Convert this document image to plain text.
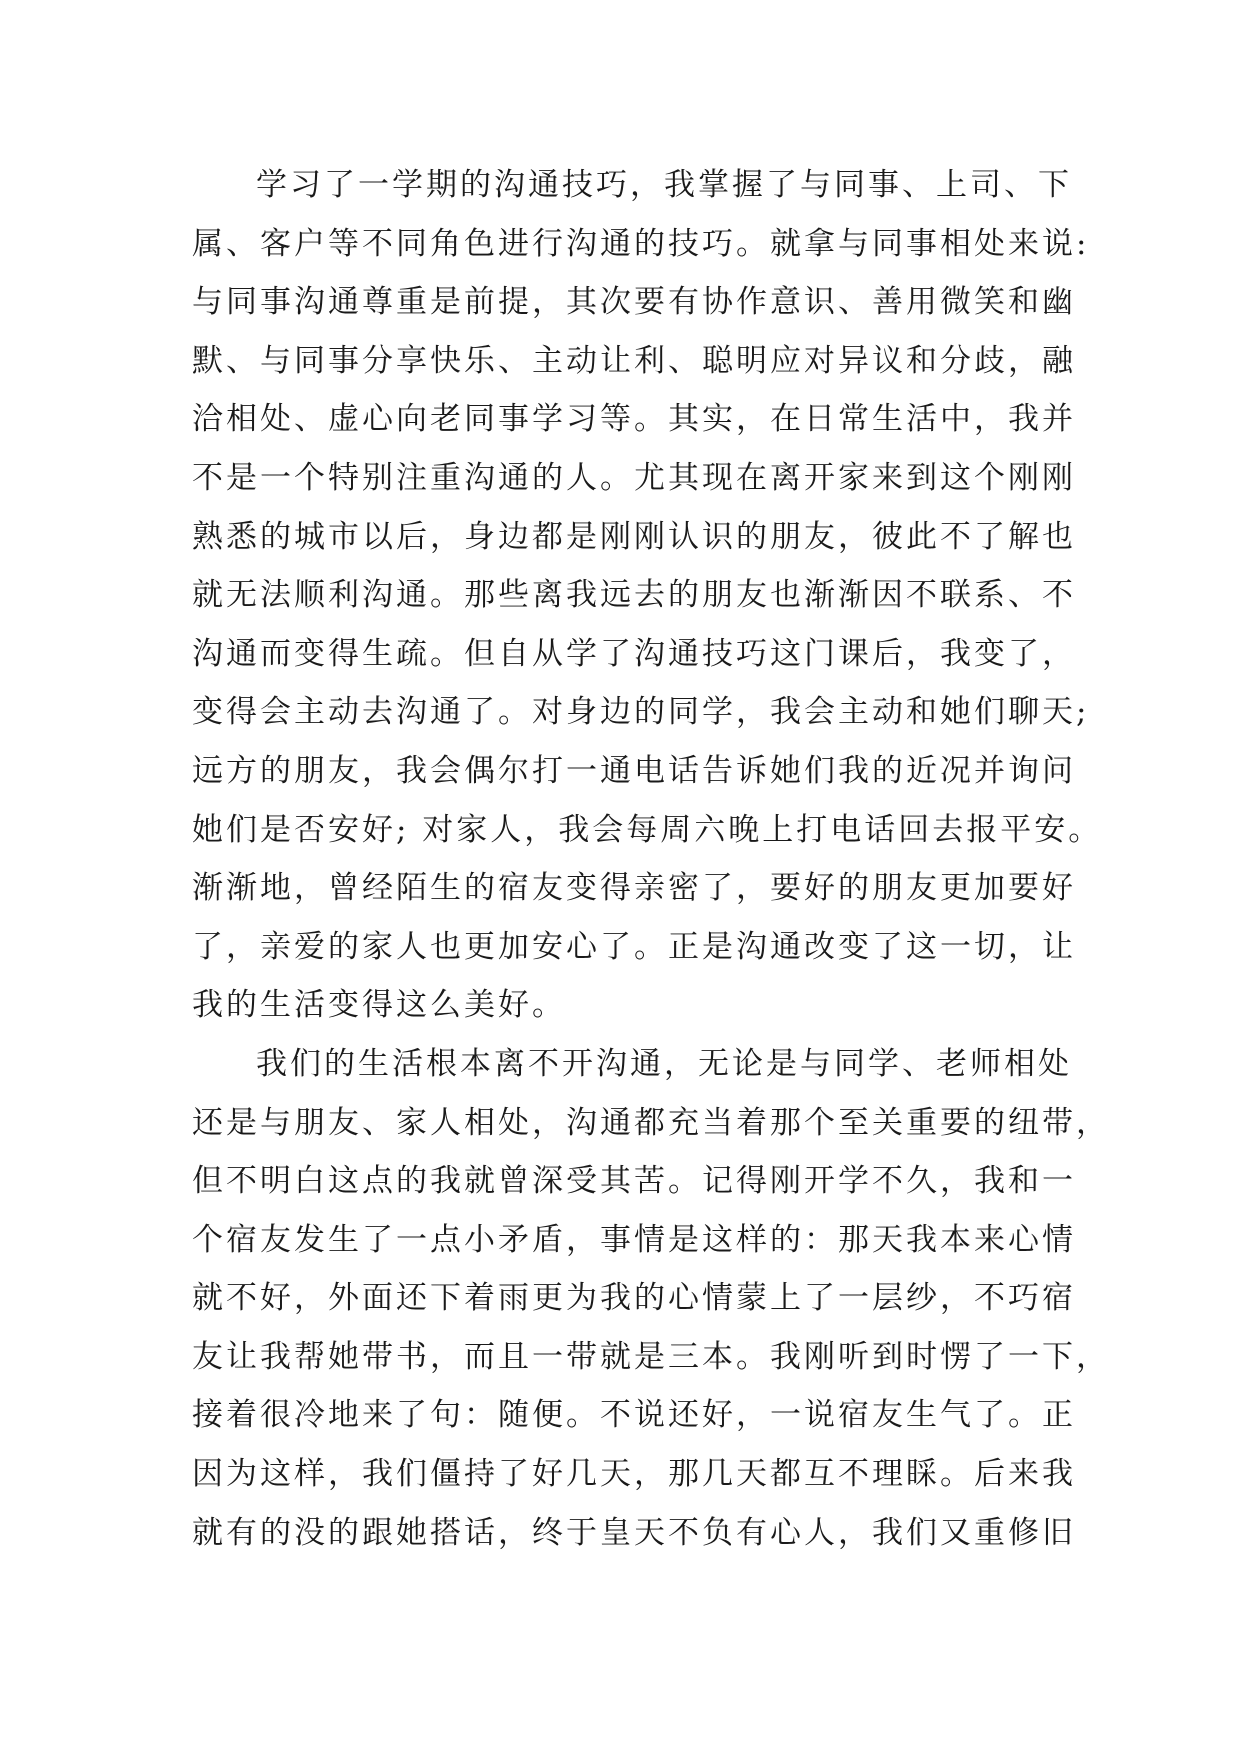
学习了一学期的沟通技巧，我掌握了与同事、上司、下
属、客户等不同角色进行沟通的技巧。就拿与同事相处来说:
与同事沟通尊重是前提，其次要有协作意识、善用微笑和幽
默、与同事分享快乐、主动让利、聪明应对异议和分歧，融
洽相处、虚心向老同事学习等。其实，在日常生活中，我并
不是一个特别注重沟通的人。尤其现在离开家来到这个刚刚
熟悉的城市以后，身边都是刚刚认识的朋友，彼此不了解也
就无法顺利沟通。那些离我远去的朋友也渐渐因不联系、不
沟通而变得生疏。但自从学了沟通技巧这门课后，我变了，
变得会主动去沟通了。对身边的同学，我会主动和她们聊天;
远方的朋友，我会偶尔打一通电话告诉她们我的近况并询问
她们是否安好; 对家人，我会每周六晚上打电话回去报平安。
渐渐地，曾经陌生的宿友变得亲密了，要好的朋友更加要好
了，亲爱的家人也更加安心了。正是沟通改变了这一切，让
我的生活变得这么美好。
我们的生活根本离不开沟通，无论是与同学、老师相处
还是与朋友、家人相处，沟通都充当着那个至关重要的纽带，
但不明白这点的我就曾深受其苦。记得刚开学不久，我和一
个宿友发生了一点小矛盾，事情是这样的：那天我本来心情
就不好，外面还下着雨更为我的心情蒙上了一层纱，不巧宿
友让我帮她带书，而且一带就是三本。我刚听到时愣了一下，
接着很冷地来了句：随便。不说还好，一说宿友生气了。正
因为这样，我们僵持了好几天，那几天都互不理睬。后来我
就有的没的跟她搭话，终于皇天不负有心人，我们又重修旧
